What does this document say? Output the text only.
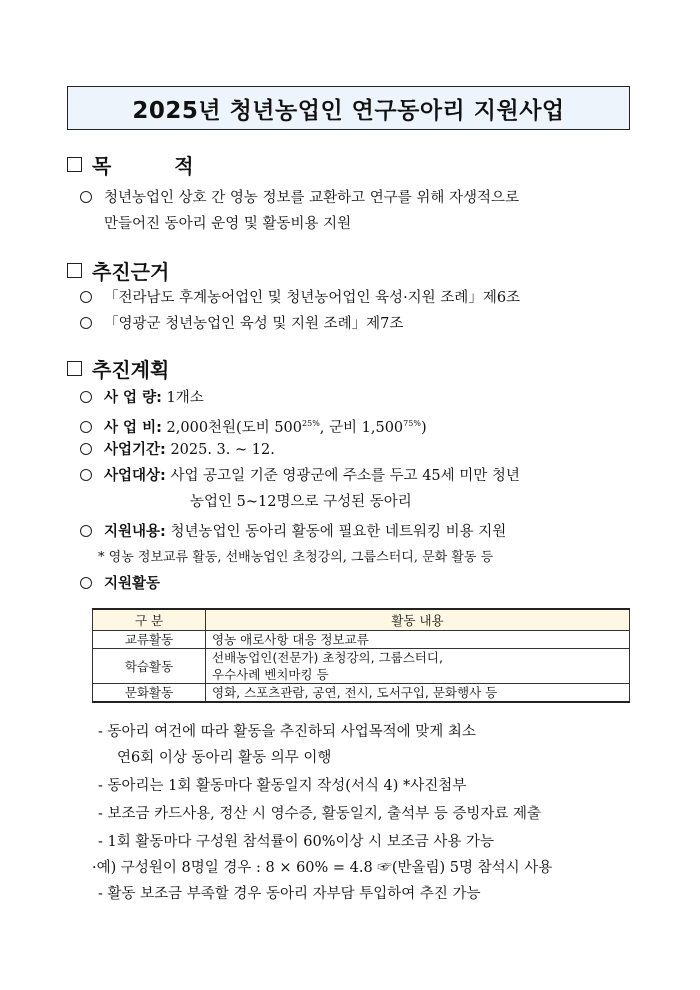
2025년 청년농업인 연구동아리 지원사업
목 적
청년농업인 상호 간 영농 정보를 교환하고 연구를 위해 자생적으로
만들어진 동아리 운영 및 활동비용 지원
추진근거
「전라남도 후계농어업인 및 청년농어업인 육성·지원 조례」제6조
「영광군 청년농업인 육성 및 지원 조례」제7조
추진계획
사 업 량: 1개소
사 업 비: 2,000천원(도비 $500^{25\%}$, 군비 $1,500^{75\%}$)
사업기간: 2025. 3. ~ 12.
사업대상: 사업 공고일 기준 영광군에 주소를 두고 45세 미만 청년
농업인 5~12명으로 구성된 동아리
지원내용: 청년농업인 동아리 활동에 필요한 네트워킹 비용 지원
* 영농 정보교류 활동, 선배농업인 초청강의, 그룹스터디, 문화 활동 등
지원활동
구 분	활동 내용
교류활동	영농 애로사항 대응 정보교류
학습활동	선배농업인(전문가) 초청강의, 그룹스터디,
우수사례 벤치마킹 등

문화활동	영화, 스포츠관람, 공연, 전시, 도서구입, 문화행사 등
- 동아리 여건에 따라 활동을 추진하되 사업목적에 맞게 최소
연6회 이상 동아리 활동 의무 이행
- 동아리는 1회 활동마다 활동일지 작성(서식 4) *사진첨부
- 보조금 카드사용, 정산 시 영수증, 활동일지, 출석부 등 증빙자료 제출
- 1회 활동마다 구성원 참석률이 60%이상 시 보조금 사용 가능
·예) 구성원이 8명일 경우 : 8 × 60% = 4.8 ☞(반올림) 5명 참석시 사용
- 활동 보조금 부족할 경우 동아리 자부담 투입하여 추진 가능
